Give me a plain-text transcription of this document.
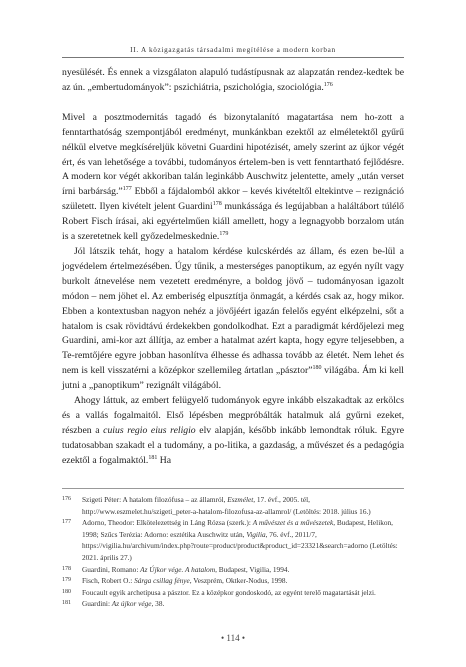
II. A közigazgatás társadalmi megítélése a modern korban

nyesülését. És ennek a vizsgálaton alapuló tudástípusnak az alapzatán rendez-kedtek be az ún. „embertudományok”: pszichiátria, pszichológia, szociológia.$^{176}$

Mivel a posztmodernitás tagadó és bizonytalanító magatartása nem ho-zott a fenntarthatóság szempontjából eredményt, munkánkban ezektől az elméletektől gyűrű nélkül elvetve megkíséreljük követni Guardini hipotézisét, amely szerint az újkor végét ért, és van lehetősége a további, tudományos értelem-ben is vett fenntartható fejlődésre. A modern kor végét akkoriban talán leginkább Auschwitz jelentette, amely „után verset írni barbárság.”$^{177}$ Ebből a fájdalomból akkor – kevés kivételtől eltekintve – rezignáció született. Ilyen kivételt jelent Guardini$^{178}$ munkássága és legújabban a haláltábort túlélő Robert Fisch írásai, aki egyértelműen kiáll amellett, hogy a legnagyobb borzalom után is a szeretetnek kell győzedelmeskednie.$^{179}$

Jól látszik tehát, hogy a hatalom kérdése kulcskérdés az állam, és ezen be-lül a jogvédelem értelmezésében. Úgy tűnik, a mesterséges panoptikum, az egyén nyílt vagy burkolt átnevelése nem vezetett eredményre, a boldog jövő – tudományosan igazolt módon – nem jöhet el. Az emberiség elpusztítja önmagát, a kérdés csak az, hogy mikor. Ebben a kontextusban nagyon nehéz a jövőjéért igazán felelős egyént elképzelni, sőt a hatalom is csak rövidtávú érdekekben gondolkodhat. Ezt a paradigmát kérdőjelezi meg Guardini, ami-kor azt állítja, az ember a hatalmat azért kapta, hogy egyre teljesebben, a Te-remtőjére egyre jobban hasonlítva élhesse és adhassa tovább az életét. Nem lehet és nem is kell visszatérni a középkor szellemileg ártatlan „pásztor”$^{180}$ világába. Ám ki kell jutni a „panoptikum” rezignált világából.

Ahogy láttuk, az embert felügyelő tudományok egyre inkább elszakadtak az erkölcs és a vallás fogalmaitól. Első lépésben megpróbálták hatalmuk alá gyűrni ezeket, részben a cuius regio eius religio elv alapján, később inkább lemondtak róluk. Egyre tudatosabban szakadt el a tudomány, a po-litika, a gazdaság, a művészet és a pedagógia ezektől a fogalmaktól.$^{181}$ Ha

176 Szigeti Péter: A hatalom filozófusa – az államról, Eszmélet, 17. évf., 2005. tél, http://www.eszmelet.hu/szigeti_peter-a-hatalom-filozofusa-az-allamrol/ (Letöltés: 2018. július 16.)
177 Adorno, Theodor: Elkötelezettség in Láng Rózsa (szerk.): A művészet és a művészetek, Budapest, Helikon, 1998; Szűcs Terézia: Adorno: esztétika Auschwitz után, Vigilia, 76. évf., 2011/7, https://vigilia.hu/archivum/index.php?route=product/product&product_id=23321&search=adorno (Letöltés: 2021. április 27.)
178 Guardini, Romano: Az Újkor vége. A hatalom, Budapest, Vigilia, 1994.
179 Fisch, Robert O.: Sárga csillag fénye, Veszprém, Oktker-Nodus, 1998.
180 Foucault egyik archetípusa a pásztor. Ez a középkor gondoskodó, az egyént terelő magatartását jelzi.
181 Guardini: Az újkor vége, 38.
• 114 •
